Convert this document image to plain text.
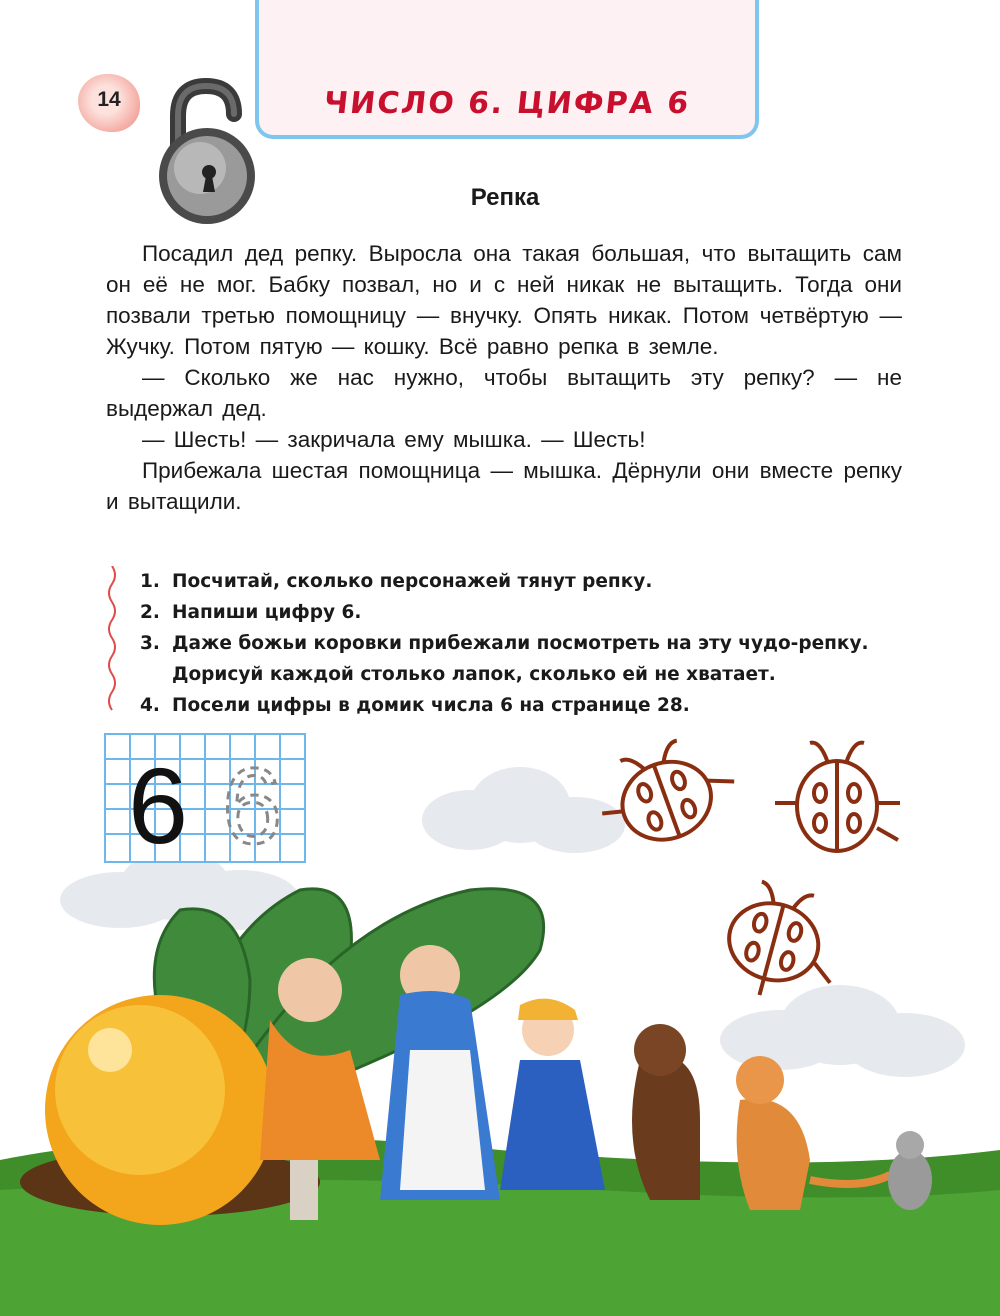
ЧИСЛО 6. ЦИФРА 6
14
Репка

Посадил дед репку. Выросла она такая большая, что вытащить сам он её не мог. Бабку позвал, но и с ней никак не вытащить. Тогда они позвали третью помощницу — внучку. Опять никак. Потом четвёртую — Жучку. Потом пятую — кошку. Всё равно репка в земле.

— Сколько же нас нужно, чтобы вытащить эту репку? — не выдержал дед.

— Шесть! — закричала ему мышка. — Шесть!

Прибежала шестая помощница — мышка. Дёрнули они вместе репку и вытащили.

1. Посчитай, сколько персонажей тянут репку.
2. Напиши цифру 6.
3. Даже божьи коровки прибежали посмотреть на эту чудо-репку. Дорисуй каждой столько лапок, сколько ей не хватает.
4. Посели цифры в домик числа 6 на странице 28.
6 6
